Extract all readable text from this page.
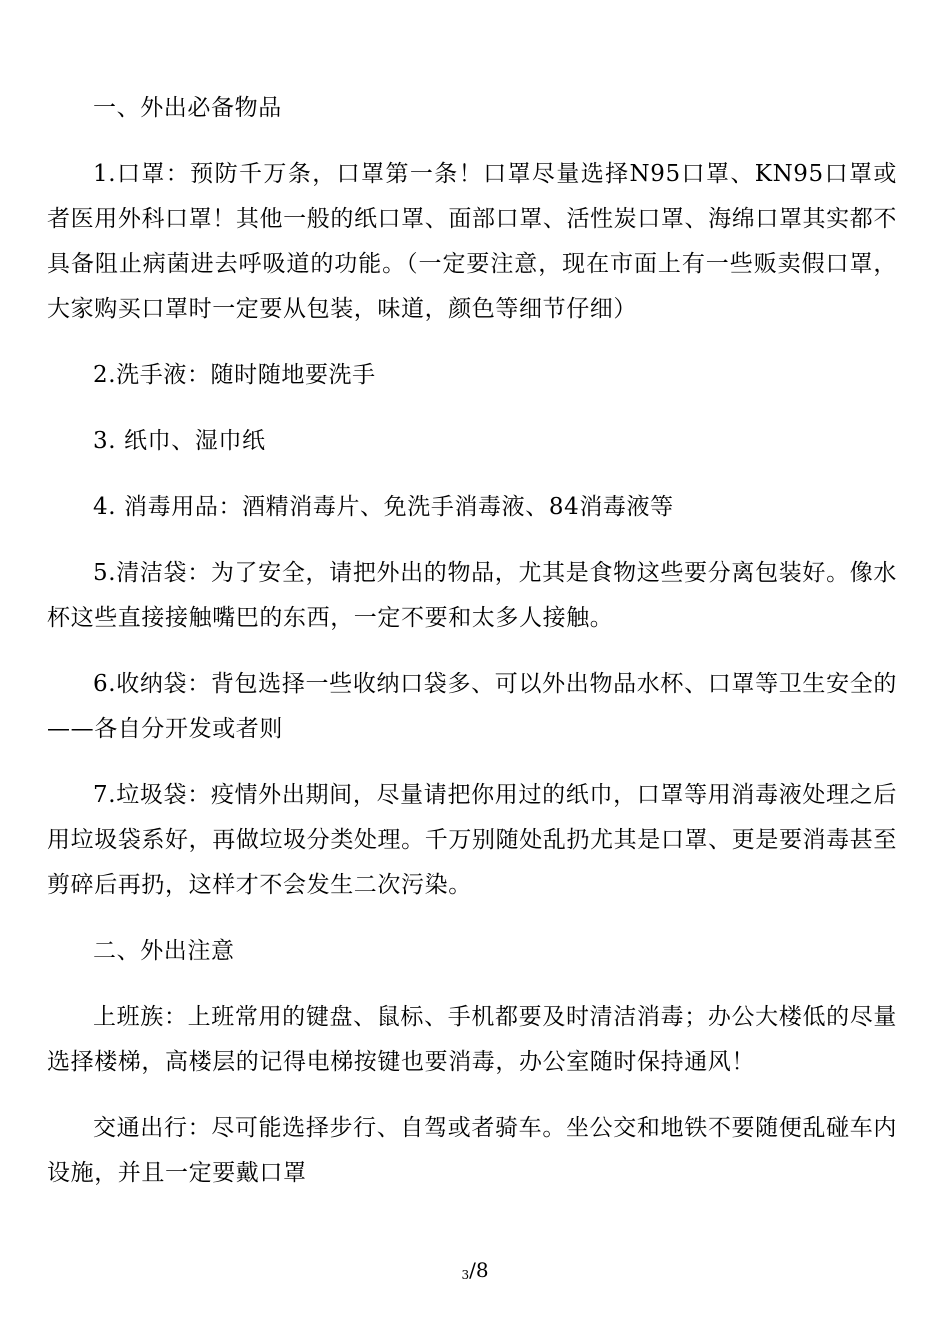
一、外出必备物品

1.口罩：预防千万条，口罩第一条！口罩尽量选择N95口罩、KN95口罩或者医用外科口罩！其他一般的纸口罩、面部口罩、活性炭口罩、海绵口罩其实都不具备阻止病菌进去呼吸道的功能。（一定要注意，现在市面上有一些贩卖假口罩，大家购买口罩时一定要从包装，味道，颜色等细节仔细）

2.洗手液：随时随地要洗手

3. 纸巾、湿巾纸

4. 消毒用品：酒精消毒片、免洗手消毒液、84消毒液等

5.清洁袋：为了安全，请把外出的物品，尤其是食物这些要分离包装好。像水杯这些直接接触嘴巴的东西，一定不要和太多人接触。

6.收纳袋：背包选择一些收纳口袋多、可以外出物品水杯、口罩等卫生安全的——各自分开发或者则

7.垃圾袋：疫情外出期间，尽量请把你用过的纸巾，口罩等用消毒液处理之后用垃圾袋系好，再做垃圾分类处理。千万别随处乱扔尤其是口罩、更是要消毒甚至剪碎后再扔，这样才不会发生二次污染。

二、外出注意

上班族：上班常用的键盘、鼠标、手机都要及时清洁消毒；办公大楼低的尽量选择楼梯，高楼层的记得电梯按键也要消毒，办公室随时保持通风！

交通出行：尽可能选择步行、自驾或者骑车。坐公交和地铁不要随便乱碰车内设施，并且一定要戴口罩

3/8
